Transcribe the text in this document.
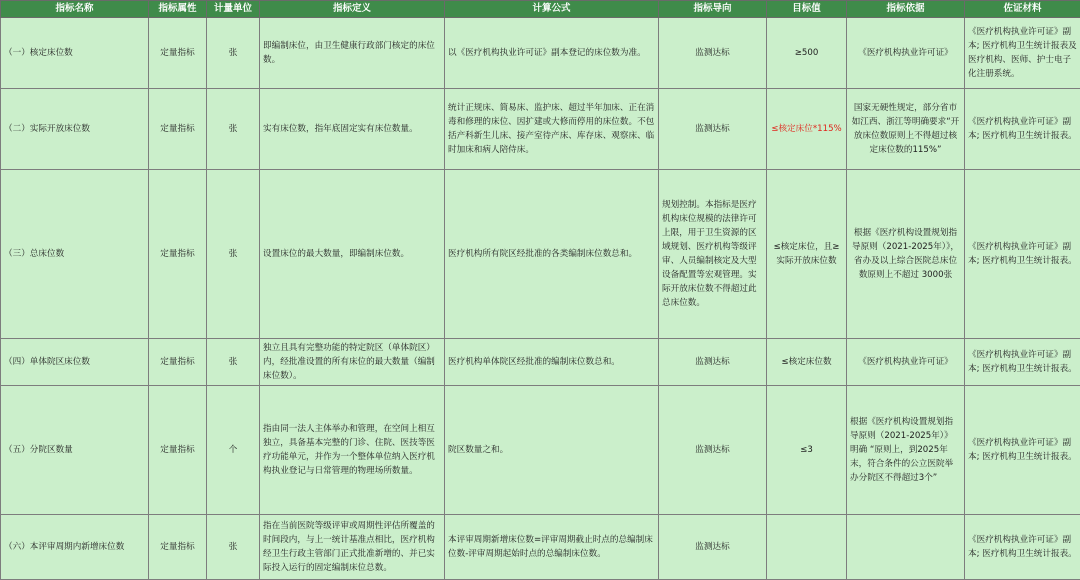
指标名称	指标属性	计量单位	指标定义	计算公式	指标导向	目标值	指标依据	佐证材料
（一）核定床位数	定量指标	张	即编制床位，由卫生健康行政部门核定的床位数。	以《医疗机构执业许可证》副本登记的床位数为准。	监测达标	≥500	《医疗机构执业许可证》	《医疗机构执业许可证》副本; 医疗机构卫生统计报表及医疗机构、医师、护士电子化注册系统。
（二）实际开放床位数	定量指标	张	实有床位数，指年底固定实有床位数量。	统计正规床、简易床、监护床、超过半年加床、正在消毒和修理的床位、因扩建或大修而停用的床位数。不包括产科新生儿床、接产室待产床、库存床、观察床、临时加床和病人陪侍床。	监测达标	≤核定床位*115%	国家无硬性规定，部分省市如江西、浙江等明确要求“开放床位数原则上不得超过核定床位数的115%”	《医疗机构执业许可证》副本; 医疗机构卫生统计报表。
（三）总床位数	定量指标	张	设置床位的最大数量，即编制床位数。	医疗机构所有院区经批准的各类编制床位数总和。	规划控制。本指标是医疗机构床位规模的法律许可上限，用于卫生资源的区域规划、医疗机构等级评审、人员编制核定及大型设备配置等宏观管理。实际开放床位数不得超过此总床位数。	≤核定床位，且≥实际开放床位数	根据《医疗机构设置规划指导原则（2021-2025年）》，省办及以上综合医院总床位数原则上不超过 3000张	《医疗机构执业许可证》副本; 医疗机构卫生统计报表。
（四）单体院区床位数	定量指标	张	独立且具有完整功能的特定院区（单体院区）内，经批准设置的所有床位的最大数量（编制床位数）。	医疗机构单体院区经批准的编制床位数总和。	监测达标	≤核定床位数	《医疗机构执业许可证》	《医疗机构执业许可证》副本; 医疗机构卫生统计报表。
（五）分院区数量	定量指标	个	指由同一法人主体举办和管理，在空间上相互独立，具备基本完整的门诊、住院、医技等医疗功能单元，并作为一个整体单位纳入医疗机构执业登记与日常管理的物理场所数量。	院区数量之和。	监测达标	≤3	根据《医疗机构设置规划指导原则（2021-2025年）》明确 “原则上，到2025年末，符合条件的公立医院举办分院区不得超过3个”	《医疗机构执业许可证》副本; 医疗机构卫生统计报表。
（六）本评审周期内新增床位数	定量指标	张	指在当前医院等级评审或周期性评估所覆盖的时间段内，与上一统计基准点相比，医疗机构经卫生行政主管部门正式批准新增的、并已实际投入运行的固定编制床位总数。	本评审周期新增床位数=评审周期截止时点的总编制床位数-评审周期起始时点的总编制床位数。	监测达标			《医疗机构执业许可证》副本; 医疗机构卫生统计报表。
